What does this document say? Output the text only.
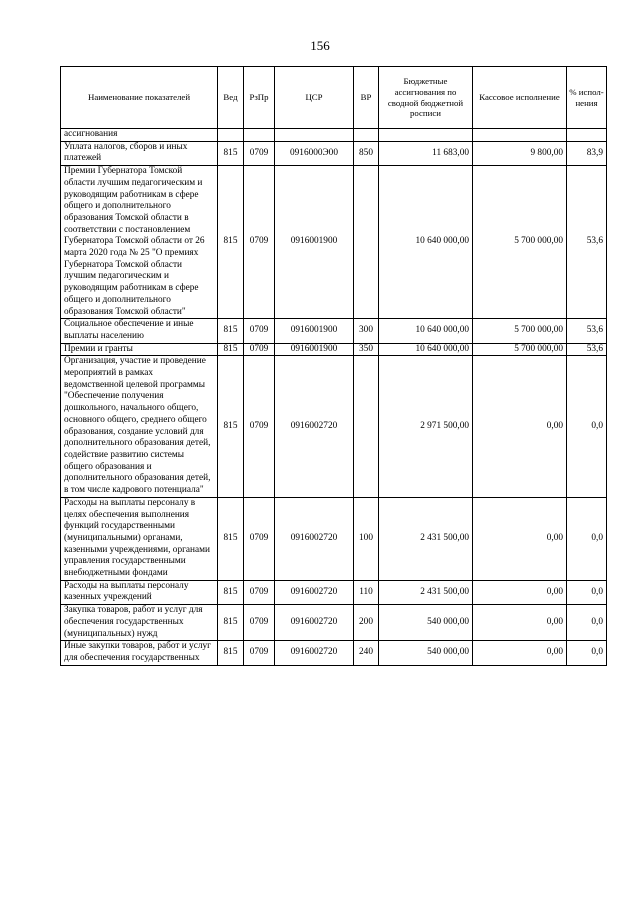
156
Наименование показателей	Вед	РзПр	ЦСР	ВР	Бюджетные ассигнования по сводной бюджетной росписи	Кассовое исполнение	% испол-нения
ассигнования							
Уплата налогов, сборов и иных платежей	815	0709	0916000Э00	850	11 683,00	9 800,00	83,9
Премии Губернатора Томской области лучшим педагогическим и руководящим работникам в сфере общего и дополнительного образования Томской области в соответствии с постановлением Губернатора Томской области от 26 марта 2020 года № 25 "О премиях Губернатора Томской области лучшим педагогическим и руководящим работникам в сфере общего и дополнительного образования Томской области"	815	0709	0916001900		10 640 000,00	5 700 000,00	53,6
Социальное обеспечение и иные выплаты населению	815	0709	0916001900	300	10 640 000,00	5 700 000,00	53,6
Премии и гранты	815	0709	0916001900	350	10 640 000,00	5 700 000,00	53,6
Организация, участие и проведение мероприятий в рамках ведомственной целевой программы "Обеспечение получения дошкольного, начального общего, основного общего, среднего общего образования, создание условий для дополнительного образования детей, содействие развитию системы общего образования и дополнительного образования детей, в том числе кадрового потенциала"	815	0709	0916002720		2 971 500,00	0,00	0,0
Расходы на выплаты персоналу в целях обеспечения выполнения функций государственными (муниципальными) органами, казенными учреждениями, органами управления государственными внебюджетными фондами	815	0709	0916002720	100	2 431 500,00	0,00	0,0
Расходы на выплаты персоналу казенных учреждений	815	0709	0916002720	110	2 431 500,00	0,00	0,0
Закупка товаров, работ и услуг для обеспечения государственных (муниципальных) нужд	815	0709	0916002720	200	540 000,00	0,00	0,0
Иные закупки товаров, работ и услуг для обеспечения государственных	815	0709	0916002720	240	540 000,00	0,00	0,0
